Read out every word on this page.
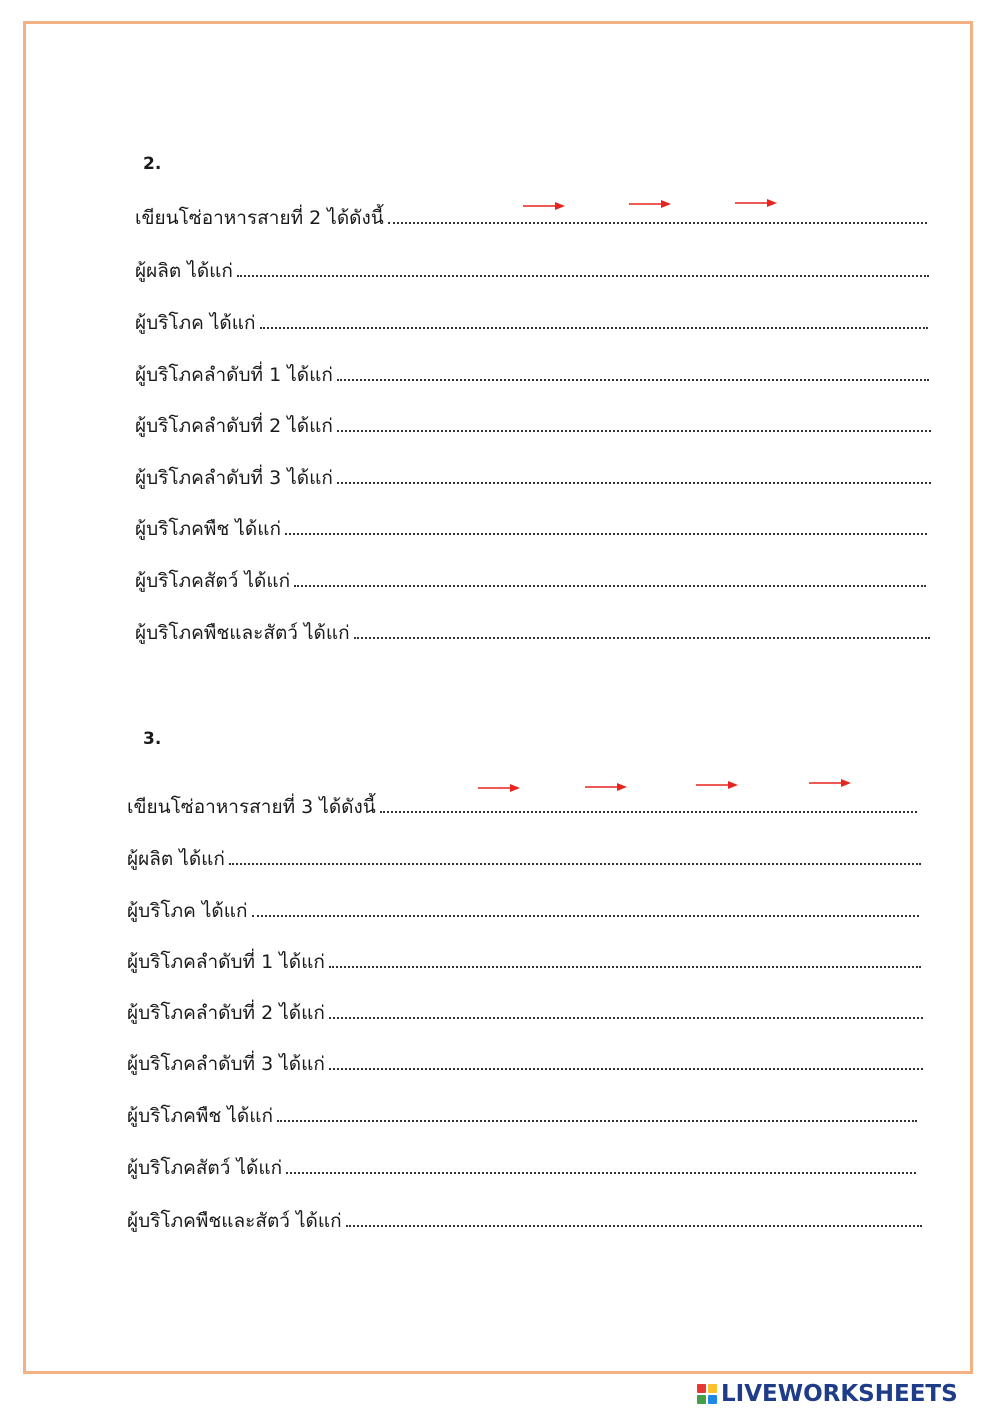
2.
เขียนโซ่อาหารสายที่ 2 ได้ดังนี้
ผู้ผลิต ได้แก่
ผู้บริโภค ได้แก่
ผู้บริโภคลำดับที่ 1 ได้แก่
ผู้บริโภคลำดับที่ 2 ได้แก่
ผู้บริโภคลำดับที่ 3 ได้แก่
ผู้บริโภคพืช ได้แก่
ผู้บริโภคสัตว์ ได้แก่
ผู้บริโภคพืชและสัตว์ ได้แก่
3.
เขียนโซ่อาหารสายที่ 3 ได้ดังนี้
ผู้ผลิต ได้แก่
ผู้บริโภค ได้แก่
ผู้บริโภคลำดับที่ 1 ได้แก่
ผู้บริโภคลำดับที่ 2 ได้แก่
ผู้บริโภคลำดับที่ 3 ได้แก่
ผู้บริโภคพืช ได้แก่
ผู้บริโภคสัตว์ ได้แก่
ผู้บริโภคพืชและสัตว์ ได้แก่
LIVEWORKSHEETS
